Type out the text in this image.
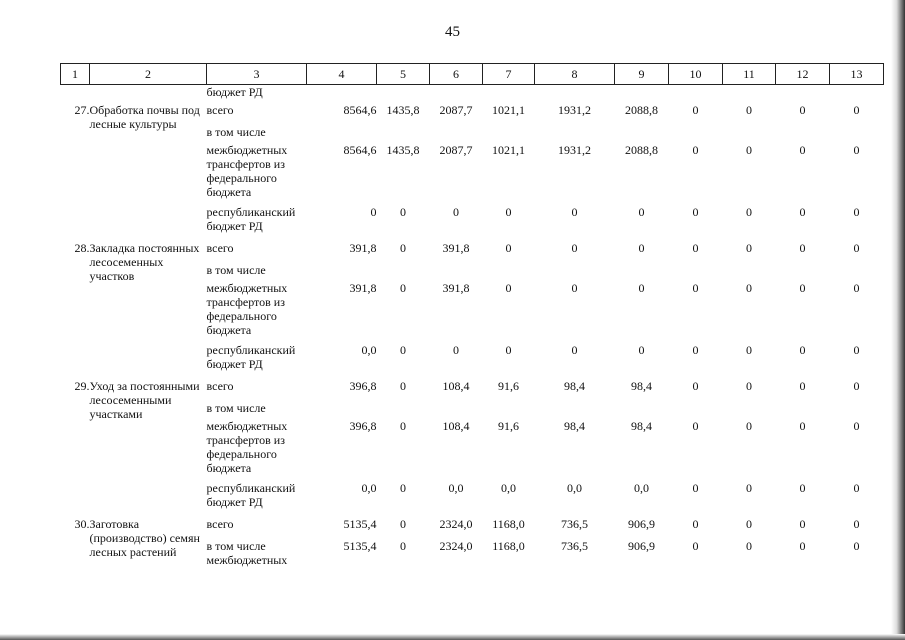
45
1	2	3	4	5	6	7	8	9	10	11	12	13
		бюджет РД										
27.	Обработка почвы под лесные культуры	всего	8564,6	1435,8	2087,7	1021,1	1931,2	2088,8	0	0	0	0
		в том числе										
		межбюджетных трансфертов из федерального бюджета	8564,6	1435,8	2087,7	1021,1	1931,2	2088,8	0	0	0	0
		республиканский бюджет РД	0	0	0	0	0	0	0	0	0	0
28.	Закладка постоянных лесосеменных участков	всего	391,8	0	391,8	0	0	0	0	0	0	0
		в том числе										
		межбюджетных трансфертов из федерального бюджета	391,8	0	391,8	0	0	0	0	0	0	0
		республиканский бюджет РД	0,0	0	0	0	0	0	0	0	0	0
29.	Уход за постоянными лесосеменными участками	всего	396,8	0	108,4	91,6	98,4	98,4	0	0	0	0
		в том числе										
		межбюджетных трансфертов из федерального бюджета	396,8	0	108,4	91,6	98,4	98,4	0	0	0	0
		республиканский бюджет РД	0,0	0	0,0	0,0	0,0	0,0	0	0	0	0
30.	Заготовка (производство) семян лесных растений	всего	5135,4	0	2324,0	1168,0	736,5	906,9	0	0	0	0
		в том числе межбюджетных	5135,4	0	2324,0	1168,0	736,5	906,9	0	0	0	0
